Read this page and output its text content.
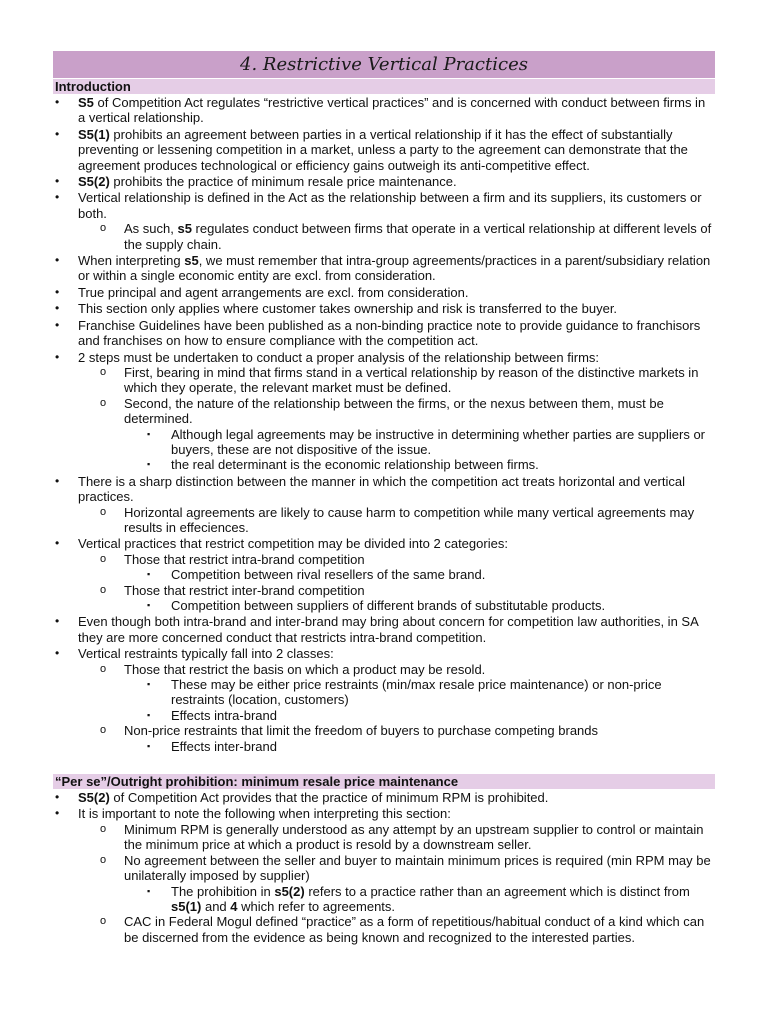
4. Restrictive Vertical Practices
Introduction
• S5 of Competition Act regulates “restrictive vertical practices” and is concerned with conduct between firms in a vertical relationship.
• S5(1) prohibits an agreement between parties in a vertical relationship if it has the effect of substantially preventing or lessening competition in a market, unless a party to the agreement can demonstrate that the agreement produces technological or efficiency gains outweigh its anti-competitive effect.
• S5(2) prohibits the practice of minimum resale price maintenance.
• Vertical relationship is defined in the Act as the relationship between a firm and its suppliers, its customers or both.
o As such, s5 regulates conduct between firms that operate in a vertical relationship at different levels of the supply chain.
• When interpreting s5, we must remember that intra-group agreements/practices in a parent/subsidiary relation or within a single economic entity are excl. from consideration.
• True principal and agent arrangements are excl. from consideration.
• This section only applies where customer takes ownership and risk is transferred to the buyer.
• Franchise Guidelines have been published as a non-binding practice note to provide guidance to franchisors and franchises on how to ensure compliance with the competition act.
• 2 steps must be undertaken to conduct a proper analysis of the relationship between firms:
o First, bearing in mind that firms stand in a vertical relationship by reason of the distinctive markets in which they operate, the relevant market must be defined.
o Second, the nature of the relationship between the firms, or the nexus between them, must be determined.
▪ Although legal agreements may be instructive in determining whether parties are suppliers or buyers, these are not dispositive of the issue.
▪ the real determinant is the economic relationship between firms.
• There is a sharp distinction between the manner in which the competition act treats horizontal and vertical practices.
o Horizontal agreements are likely to cause harm to competition while many vertical agreements may results in effeciences.
• Vertical practices that restrict competition may be divided into 2 categories:
o Those that restrict intra-brand competition
▪ Competition between rival resellers of the same brand.
o Those that restrict inter-brand competition
▪ Competition between suppliers of different brands of substitutable products.
• Even though both intra-brand and inter-brand may bring about concern for competition law authorities, in SA they are more concerned conduct that restricts intra-brand competition.
• Vertical restraints typically fall into 2 classes:
o Those that restrict the basis on which a product may be resold.
▪ These may be either price restraints (min/max resale price maintenance) or non-price restraints (location, customers)
▪ Effects intra-brand
o Non-price restraints that limit the freedom of buyers to purchase competing brands
▪ Effects inter-brand
“Per se”/Outright prohibition: minimum resale price maintenance
• S5(2) of Competition Act provides that the practice of minimum RPM is prohibited.
• It is important to note the following when interpreting this section:
o Minimum RPM is generally understood as any attempt by an upstream supplier to control or maintain the minimum price at which a product is resold by a downstream seller.
o No agreement between the seller and buyer to maintain minimum prices is required (min RPM may be unilaterally imposed by supplier)
▪ The prohibition in s5(2) refers to a practice rather than an agreement which is distinct from s5(1) and 4 which refer to agreements.
o CAC in Federal Mogul defined “practice” as a form of repetitious/habitual conduct of a kind which can be discerned from the evidence as being known and recognized to the interested parties.
